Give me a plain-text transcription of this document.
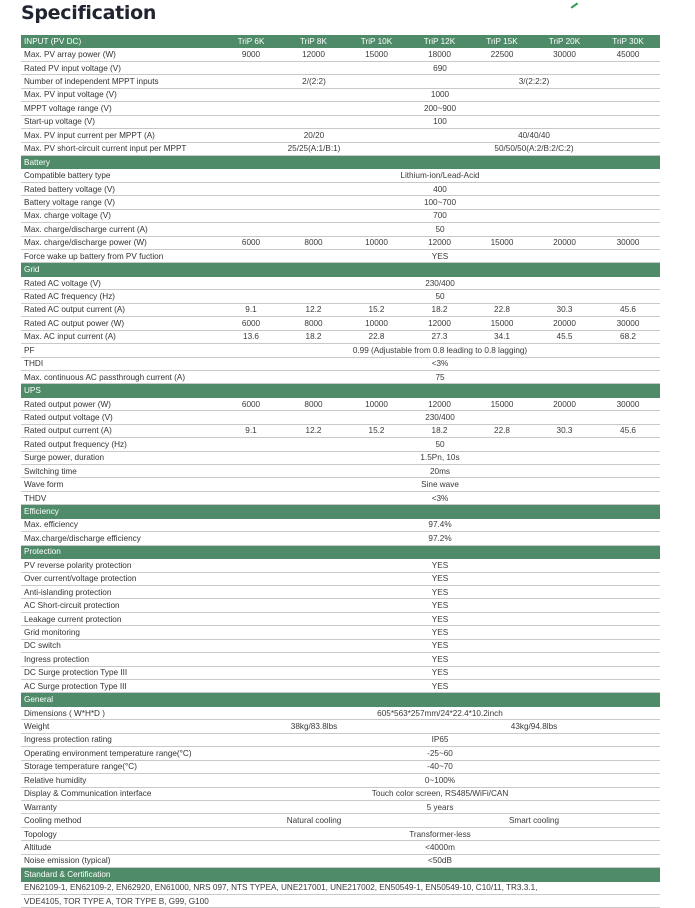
Specification
INPUT (PV DC)	TriP 6K	TriP 8K	TriP 10K	TriP 12K	TriP 15K	TriP 20K	TriP 30K
Max. PV array power (W)	9000	12000	15000	18000	22500	30000	45000
Rated PV input voltage (V)	690						
Number of independent MPPT inputs	2/(2:2)			3/(2:2:2)			
Max. PV input voltage (V)	1000						
MPPT voltage range (V)	200~900						
Start-up voltage (V)	100						
Max. PV input current per MPPT (A)	20/20			40/40/40			
Max. PV short-circuit current input per MPPT	25/25(A:1/B:1)			50/50/50(A:2/B:2/C:2)			
Battery							
Compatible battery type	Lithium-ion/Lead-Acid						
Rated battery voltage (V)	400						
Battery voltage range (V)	100~700						
Max. charge voltage (V)	700						
Max. charge/discharge current (A)	50						
Max. charge/discharge power (W)	6000	8000	10000	12000	15000	20000	30000
Force wake up battery from PV fuction	YES						
Grid							
Rated AC voltage (V)	230/400						
Rated AC frequency (Hz)	50						
Rated AC output current (A)	9.1	12.2	15.2	18.2	22.8	30.3	45.6
Rated AC output power (W)	6000	8000	10000	12000	15000	20000	30000
Max. AC input current (A)	13.6	18.2	22.8	27.3	34.1	45.5	68.2
PF	0.99 (Adjustable from 0.8 leading to 0.8 lagging)						
THDI	<3%						
Max. continuous AC passthrough current (A)	75						
UPS							
Rated output power (W)	6000	8000	10000	12000	15000	20000	30000
Rated output voltage (V)	230/400						
Rated output current (A)	9.1	12.2	15.2	18.2	22.8	30.3	45.6
Rated output frequency (Hz)	50						
Surge power, duration	1.5Pn, 10s						
Switching time	20ms						
Wave form	Sine wave						
THDV	<3%						
Efficiency							
Max. efficiency	97.4%						
Max.charge/discharge efficiency	97.2%						
Protection							
PV reverse polarity protection	YES						
Over current/voltage protection	YES						
Anti-islanding protection	YES						
AC Short-circuit protection	YES						
Leakage current protection	YES						
Grid monitoring	YES						
DC switch	YES						
Ingress protection	YES						
DC Surge protection Type III	YES						
AC Surge protection Type III	YES						
General							
Dimensions ( W*H*D )	605*563*257mm/24*22.4*10.2inch						
Weight	38kg/83.8lbs			43kg/94.8lbs			
Ingress protection rating	IP65						
Operating environment temperature range(°C)	-25~60						
Storage temperature range(°C)	-40~70						
Relative humidity	0~100%						
Display & Communication interface	Touch color screen, RS485/WiFi/CAN						
Warranty	5 years						
Cooling method	Natural cooling			Smart cooling			
Topology	Transformer-less						
Altitude	<4000m						
Noise emission (typical)	<50dB						
Standard & Certification							
EN62109-1, EN62109-2, EN62920, EN61000, NRS 097, NTS TYPEA, UNE217001, UNE217002, EN50549-1, EN50549-10, C10/11, TR3.3.1,							
VDE4105, TOR TYPE A, TOR TYPE B, G99, G100							
